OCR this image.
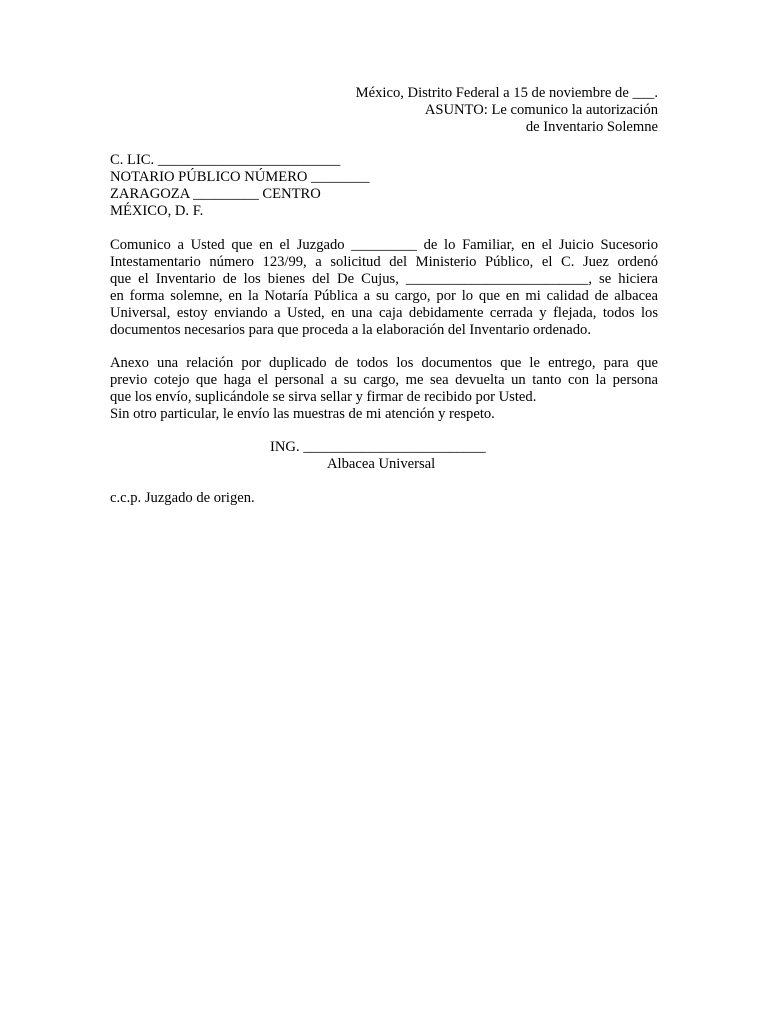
México, Distrito Federal a 15 de noviembre de ___.
ASUNTO: Le comunico la autorización
de Inventario Solemne
C. LIC. _________________________
NOTARIO PÚBLICO NÚMERO ________
ZARAGOZA _________ CENTRO
MÉXICO, D. F.
Comunico a Usted que en el Juzgado _________ de lo Familiar, en el Juicio Sucesorio
Intestamentario número 123/99, a solicitud del Ministerio Público, el C. Juez ordenó
que el Inventario de los bienes del De Cujus, _________________________, se hiciera
en forma solemne, en la Notaría Pública a su cargo, por lo que en mi calidad de albacea
Universal, estoy enviando a Usted, en una caja debidamente cerrada y flejada, todos los
documentos necesarios para que proceda a la elaboración del Inventario ordenado.
Anexo una relación por duplicado de todos los documentos que le entrego, para que
previo cotejo que haga el personal a su cargo, me sea devuelta un tanto con la persona
que los envío, suplicándole se sirva sellar y firmar de recibido por Usted.
Sin otro particular, le envío las muestras de mi atención y respeto.
ING. _________________________
Albacea Universal
c.c.p. Juzgado de origen.
